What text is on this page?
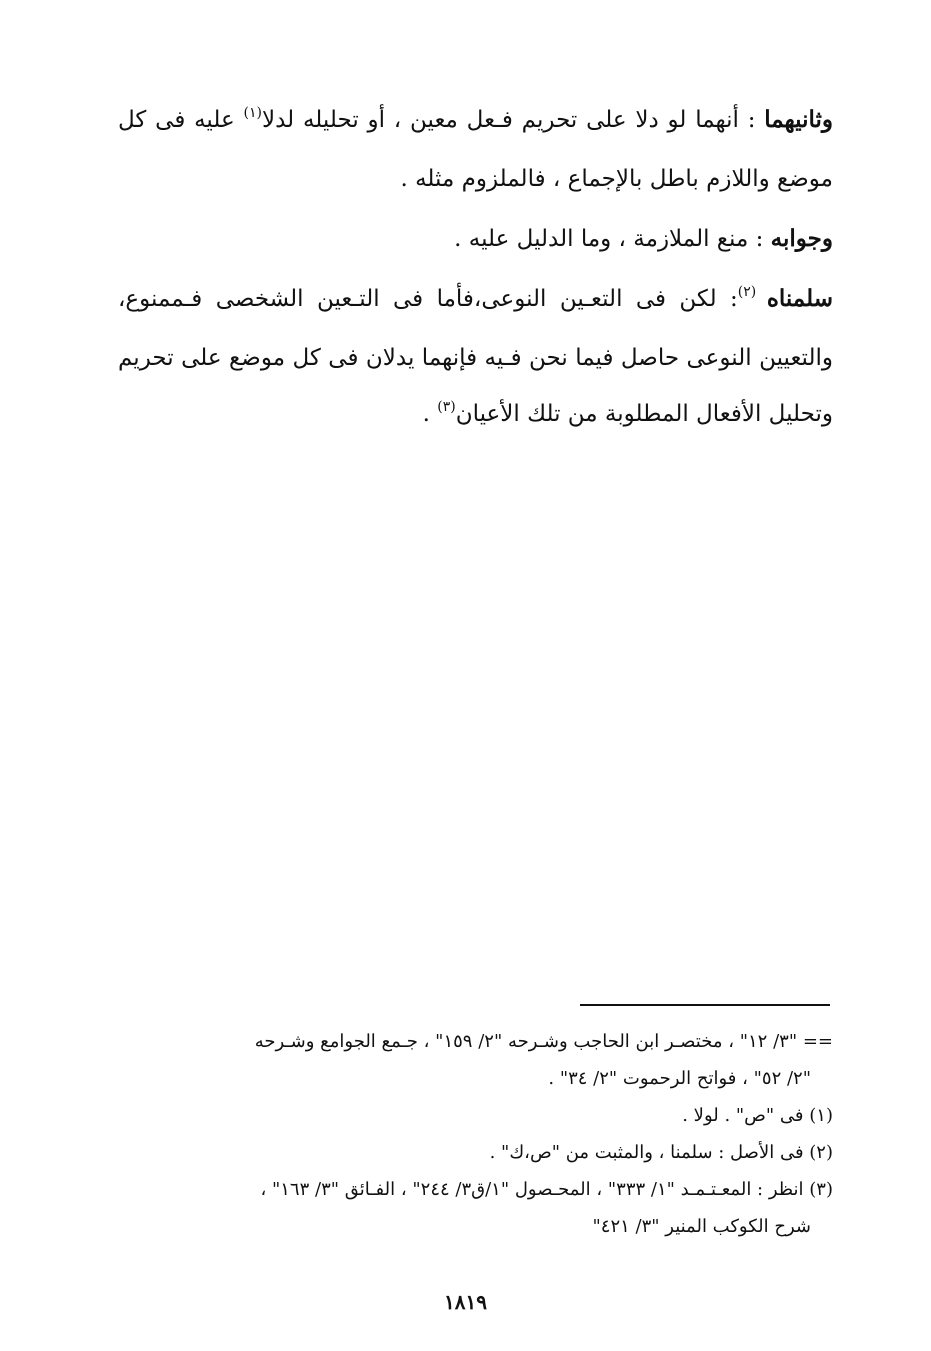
وثانيهما : أنهما لو دلا على تحريم فـعل معين ، أو تحليله لدلا$^{(١)}$ عليه فى كل موضع واللازم باطل بالإجماع ، فالملزوم مثله .

وجوابه : منع الملازمة ، وما الدليل عليه .

سلمناه $^{(٢)}$: لكن فى التعـين النوعى،فأما فى التـعين الشخصى فـممنوع، والتعيين النوعى حاصل فيما نحن فـيه فإنهما يدلان فى كل موضع على تحريم وتحليل الأفعال المطلوبة من تلك الأعيان$^{(٣)}$ .

== "٣/ ١٢" ، مختصـر ابن الحاجب وشـرحه "٢/ ١٥٩" ، جـمع الجوامع وشـرحه

"٢/ ٥٢" ، فواتح الرحموت "٢/ ٣٤" .

(١) فى "ص" . لولا .

(٢) فى الأصل : سلمنا ، والمثبت من "ص،ك" .

(٣) انظر : المعـتـمـد "١/ ٣٣٣" ، المحـصول "١/ق٣/ ٢٤٤" ، الفـائق "٣/ ١٦٣" ،

شرح الكوكب المنير "٣/ ٤٢١"

١٨١٩
